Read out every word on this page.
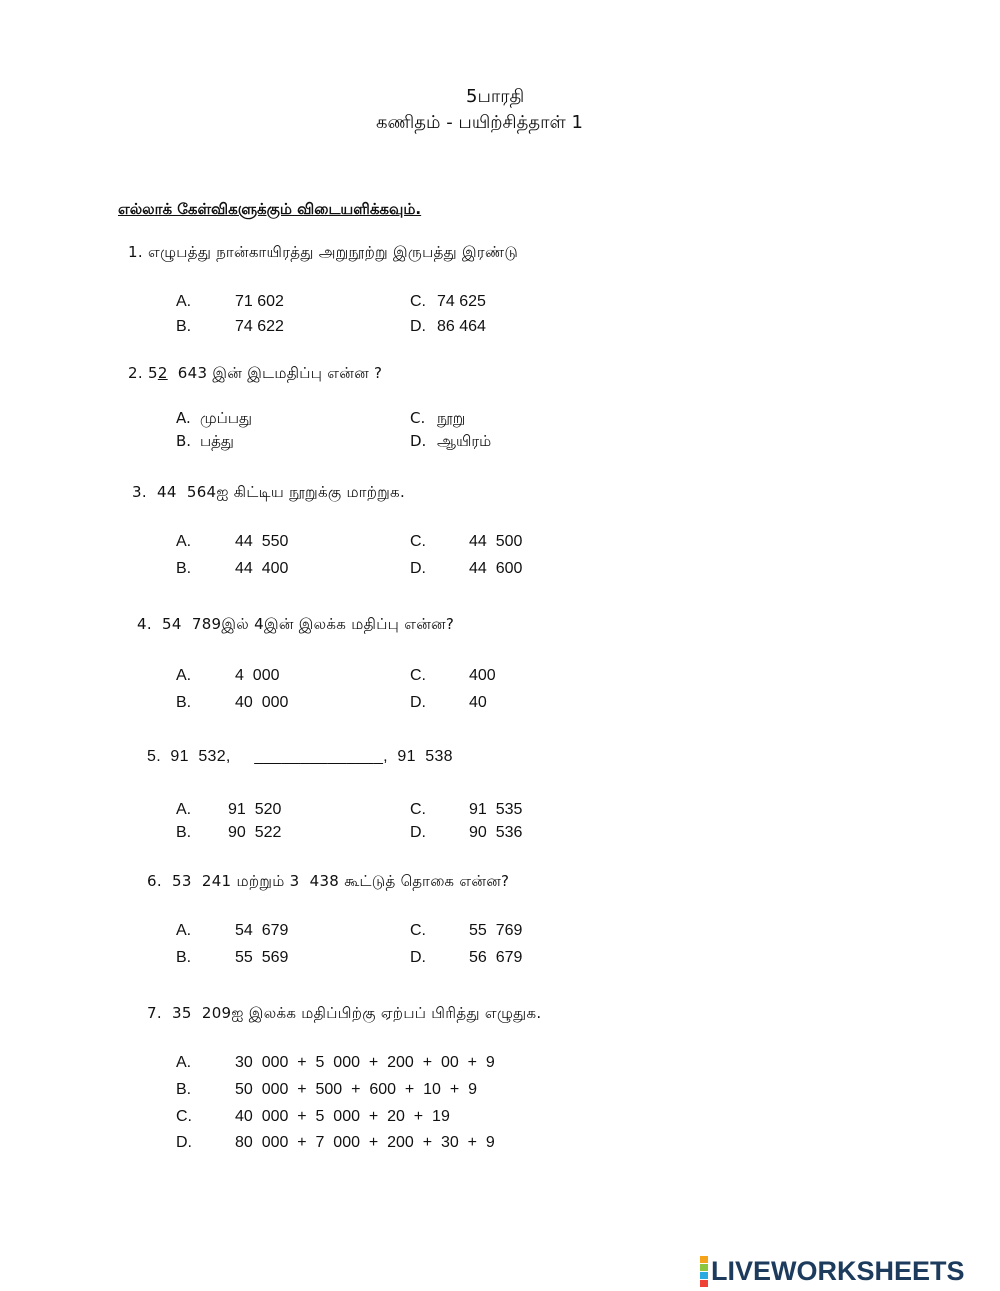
5பாரதி
கணிதம் - பயிற்சித்தாள் 1
எல்லாக் கேள்விகளுக்கும் விடையளிக்கவும்.
1. எழுபத்து நான்காயிரத்து அறுநூற்று இருபத்து இரண்டு
A.	71 602
B.	74 622
C. 74 625
D. 86 464
2. 52  643 இன் இடமதிப்பு என்ன ?
A. முப்பது
B. பத்து
C. நூறு
D. ஆயிரம்
3.  44  564ஐ கிட்டிய நூறுக்கு மாற்றுக.
A.	44  550
B.	44  400
C.	44  500
D.	44  600
4.  54  789இல் 4இன் இலக்க மதிப்பு என்ன?
A.	4  000
B.	40  000
C.	400
D.	40
5.  91  532,     ______________,  91  538
A. 91  520
B. 90  522
C.	91  535
D.	90  536
6.  53  241 மற்றும் 3  438 கூட்டுத் தொகை என்ன?
A.	54  679
B.	55  569
C.	55  769
D.	56  679
7.  35  209ஐ இலக்க மதிப்பிற்கு ஏற்பப் பிரித்து எழுதுக.
A.	30  000  +  5  000  +  200  +  00  +  9
B.	50  000  +  500  +  600  +  10  +  9
C.	40  000  +  5  000  +  20  +  19
D.	80  000  +  7  000  +  200  +  30  +  9
LIVEWORKSHEETS
